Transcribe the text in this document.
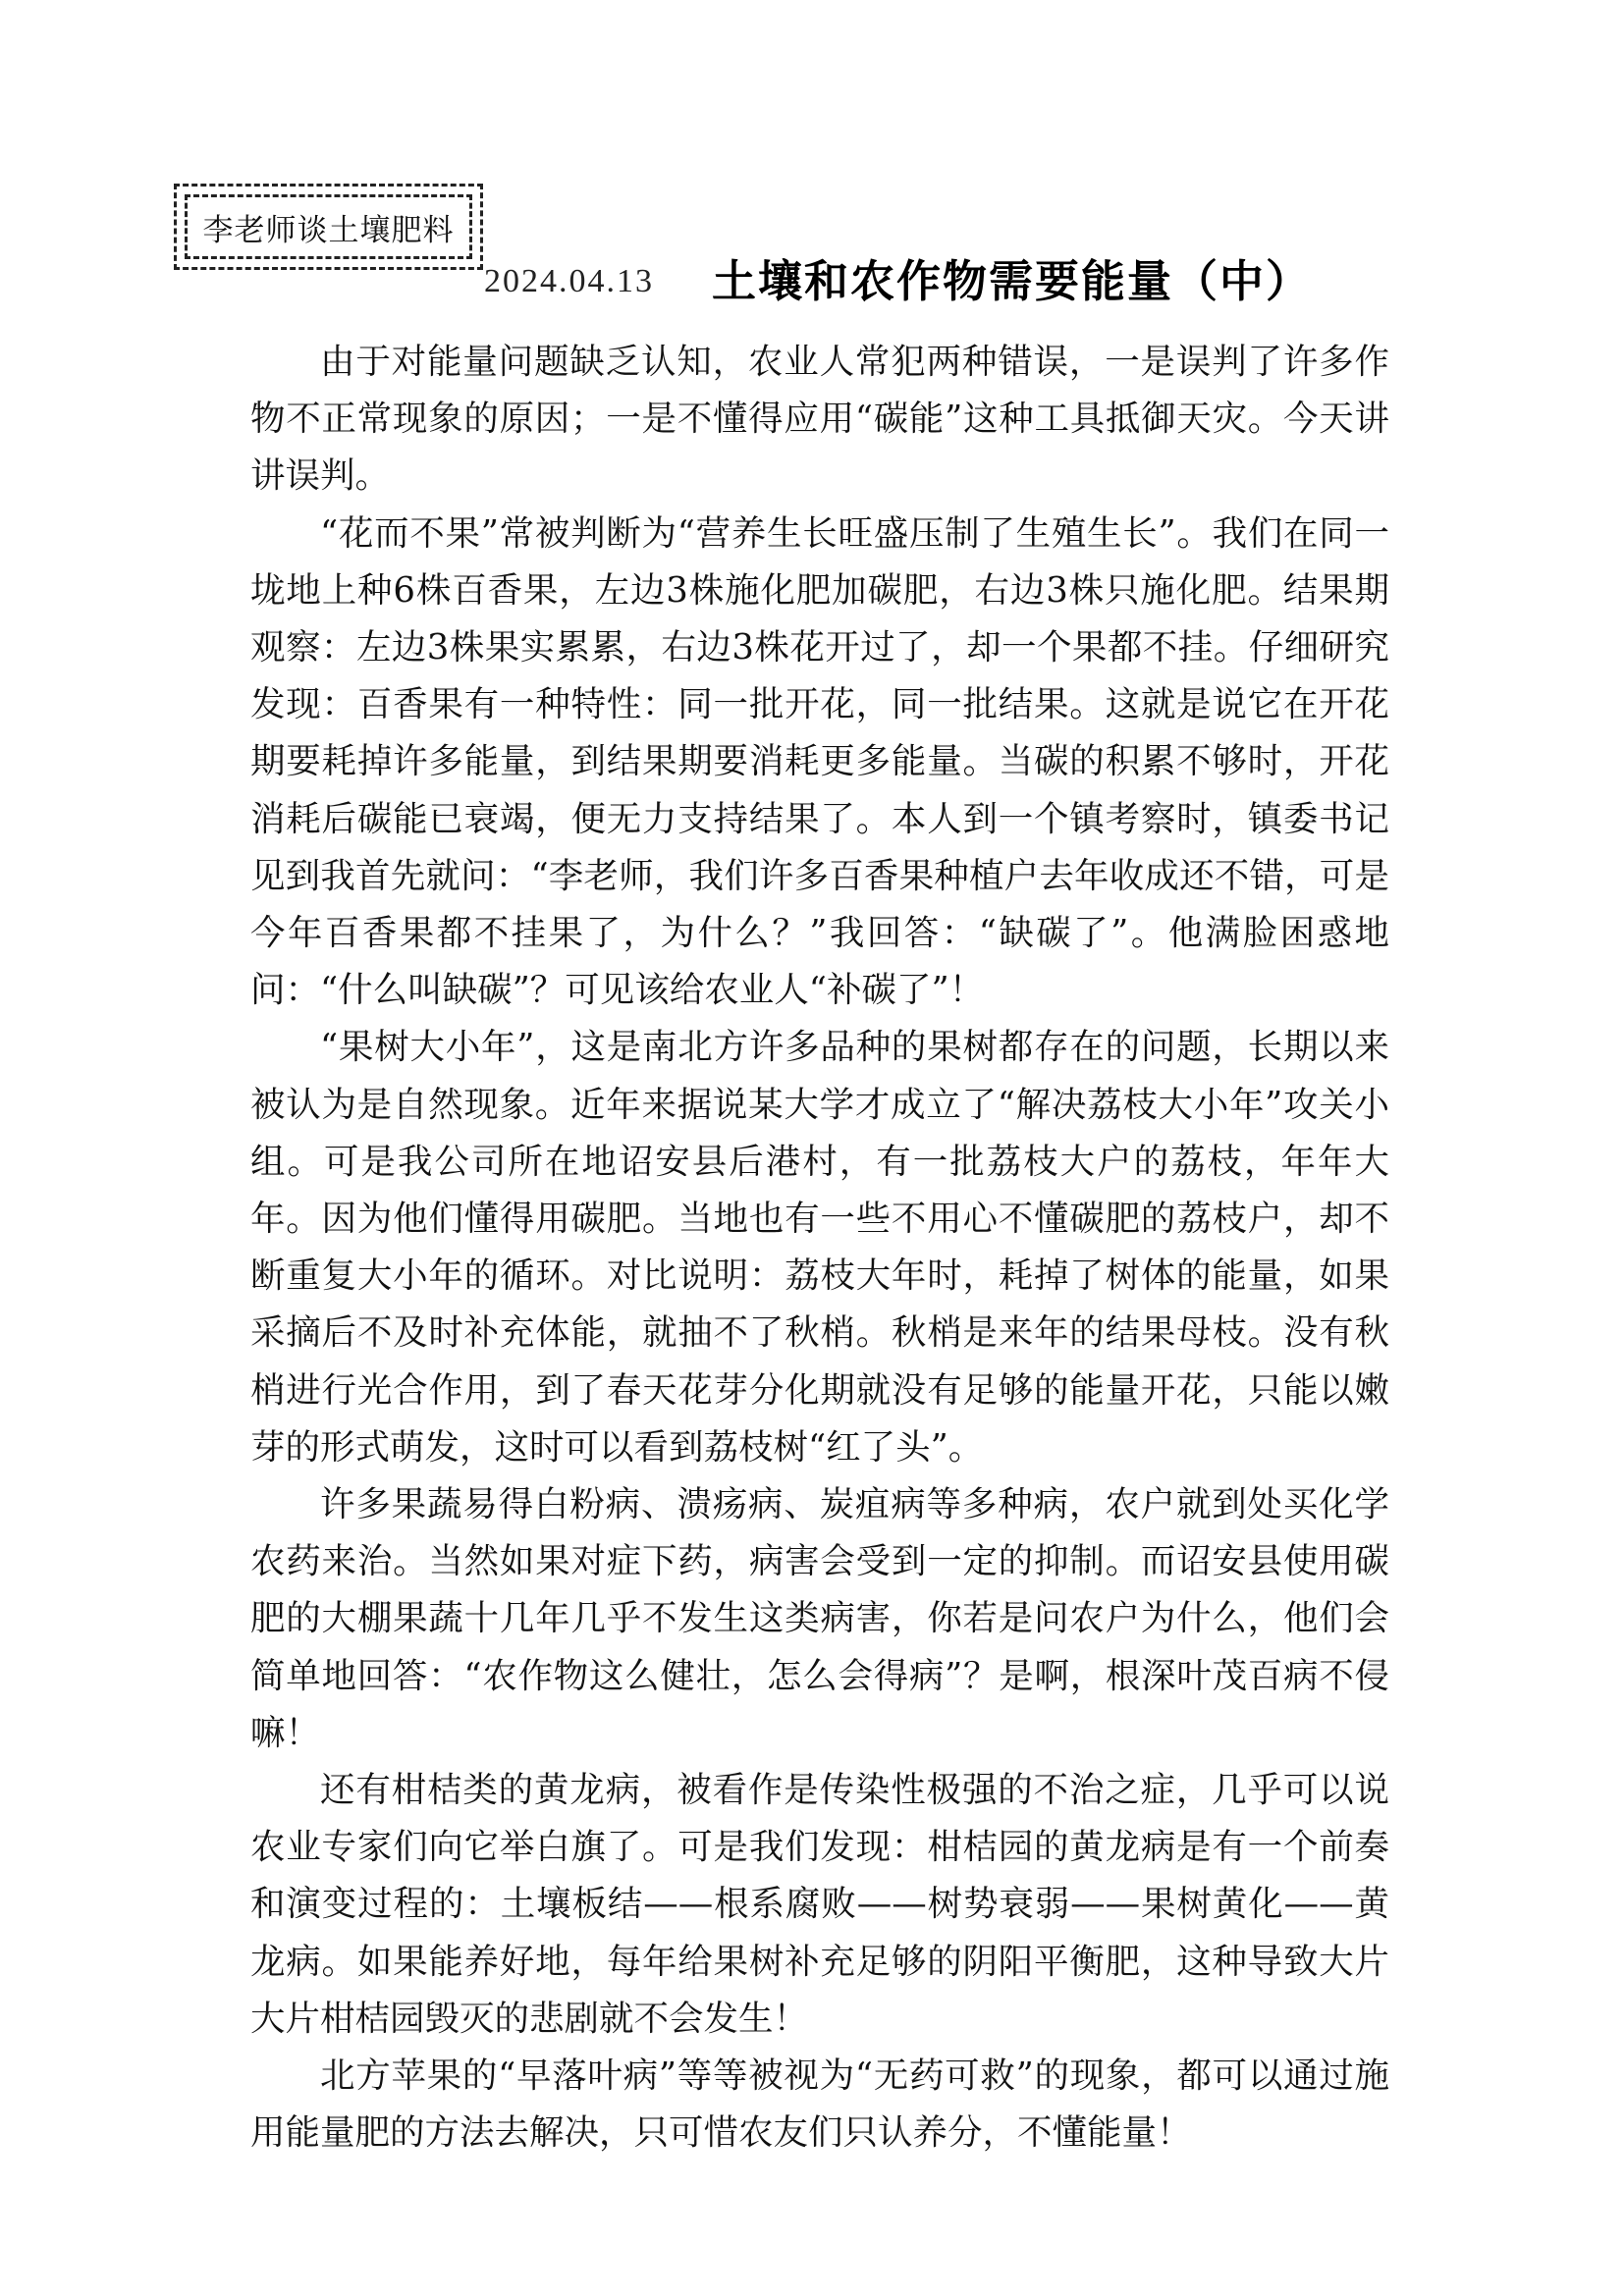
李老师谈土壤肥料
2024.04.13 土壤和农作物需要能量（中）

由于对能量问题缺乏认知，农业人常犯两种错误，一是误判了许多作物不正常现象的原因；一是不懂得应用“碳能”这种工具抵御天灾。今天讲讲误判。

“花而不果”常被判断为“营养生长旺盛压制了生殖生长”。我们在同一垅地上种6株百香果，左边3株施化肥加碳肥，右边3株只施化肥。结果期观察：左边3株果实累累，右边3株花开过了，却一个果都不挂。仔细研究发现：百香果有一种特性：同一批开花，同一批结果。这就是说它在开花期要耗掉许多能量，到结果期要消耗更多能量。当碳的积累不够时，开花消耗后碳能已衰竭，便无力支持结果了。本人到一个镇考察时，镇委书记见到我首先就问：“李老师，我们许多百香果种植户去年收成还不错，可是今年百香果都不挂果了，为什么？”我回答：“缺碳了”。他满脸困惑地问：“什么叫缺碳”？可见该给农业人“补碳了”！

“果树大小年”，这是南北方许多品种的果树都存在的问题，长期以来被认为是自然现象。近年来据说某大学才成立了“解决荔枝大小年”攻关小组。可是我公司所在地诏安县后港村，有一批荔枝大户的荔枝，年年大年。因为他们懂得用碳肥。当地也有一些不用心不懂碳肥的荔枝户，却不断重复大小年的循环。对比说明：荔枝大年时，耗掉了树体的能量，如果采摘后不及时补充体能，就抽不了秋梢。秋梢是来年的结果母枝。没有秋梢进行光合作用，到了春天花芽分化期就没有足够的能量开花，只能以嫩芽的形式萌发，这时可以看到荔枝树“红了头”。

许多果蔬易得白粉病、溃疡病、炭疽病等多种病，农户就到处买化学农药来治。当然如果对症下药，病害会受到一定的抑制。而诏安县使用碳肥的大棚果蔬十几年几乎不发生这类病害，你若是问农户为什么，他们会简单地回答：“农作物这么健壮，怎么会得病”？是啊，根深叶茂百病不侵嘛！

还有柑桔类的黄龙病，被看作是传染性极强的不治之症，几乎可以说农业专家们向它举白旗了。可是我们发现：柑桔园的黄龙病是有一个前奏和演变过程的：土壤板结——根系腐败——树势衰弱——果树黄化——黄龙病。如果能养好地，每年给果树补充足够的阴阳平衡肥，这种导致大片大片柑桔园毁灭的悲剧就不会发生！

北方苹果的“早落叶病”等等被视为“无药可救”的现象，都可以通过施用能量肥的方法去解决，只可惜农友们只认养分，不懂能量！
